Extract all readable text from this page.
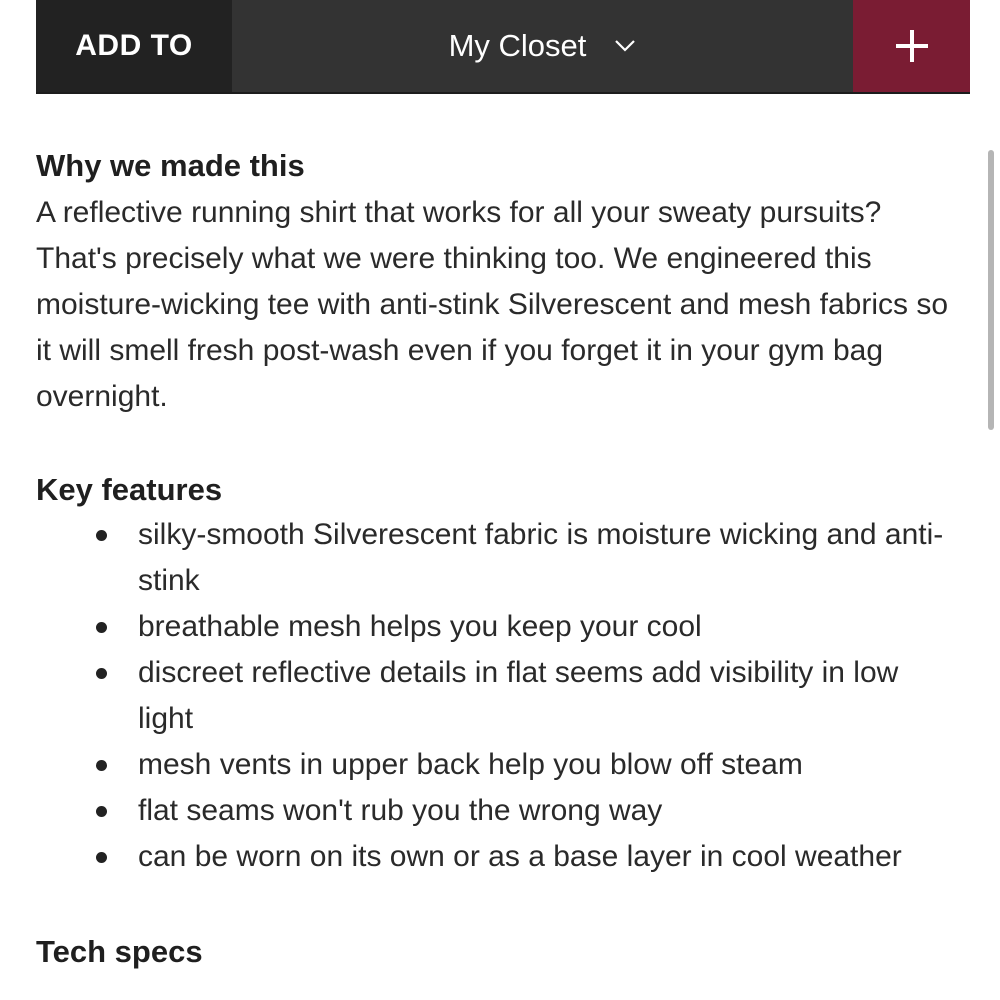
ADD TO	My Closet
Why we made this

A reflective running shirt that works for all your sweaty pursuits? That's precisely what we were thinking too. We engineered this moisture-wicking tee with anti-stink Silverescent and mesh fabrics so it will smell fresh post-wash even if you forget it in your gym bag overnight.

Key features
silky-smooth Silverescent fabric is moisture wicking and anti-stink
breathable mesh helps you keep your cool
discreet reflective details in flat seems add visibility in low light
mesh vents in upper back help you blow off steam
flat seams won't rub you the wrong way
can be worn on its own or as a base layer in cool weather
Tech specs
